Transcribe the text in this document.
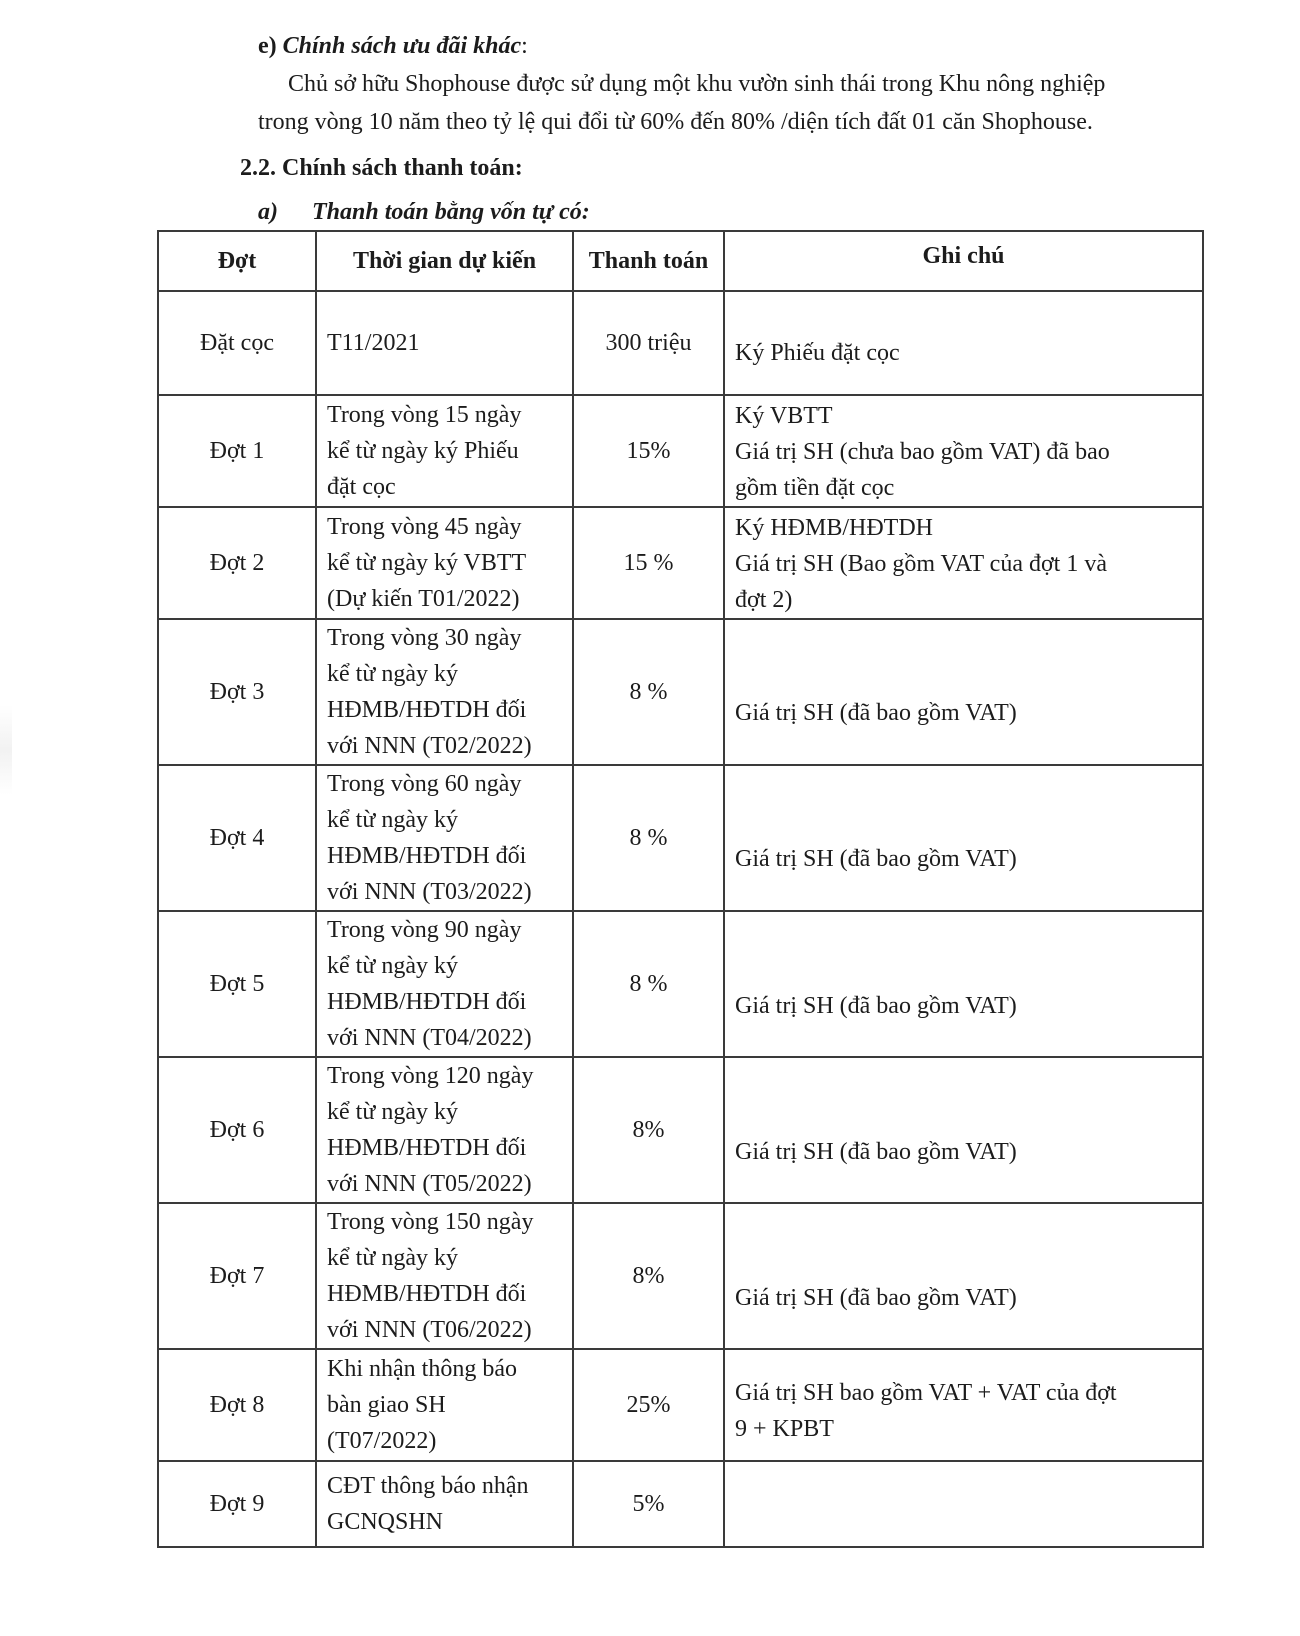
e) Chính sách ưu đãi khác:
Chủ sở hữu Shophouse được sử dụng một khu vườn sinh thái trong Khu nông nghiệp
trong vòng 10 năm theo tỷ lệ qui đổi từ 60% đến 80% /diện tích đất 01 căn Shophouse.
2.2. Chính sách thanh toán:
a) Thanh toán bằng vốn tự có:
Đợt	Thời gian dự kiến	Thanh toán	Ghi chú
Đặt cọc	T11/2021	300 triệu	Ký Phiếu đặt cọc
Đợt 1	Trong vòng 15 ngày
kể từ ngày ký Phiếu
đặt cọc	15%	Ký VBTT
Giá trị SH (chưa bao gồm VAT) đã bao
gồm tiền đặt cọc
Đợt 2	Trong vòng 45 ngày
kể từ ngày ký VBTT
(Dự kiến T01/2022)	15 %	Ký HĐMB/HĐTDH
Giá trị SH (Bao gồm VAT của đợt 1 và
đợt 2)
Đợt 3	Trong vòng 30 ngày
kể từ ngày ký
HĐMB/HĐTDH đối
với NNN (T02/2022)	8 %	Giá trị SH (đã bao gồm VAT)
Đợt 4	Trong vòng 60 ngày
kể từ ngày ký
HĐMB/HĐTDH đối
với NNN (T03/2022)	8 %	Giá trị SH (đã bao gồm VAT)
Đợt 5	Trong vòng 90 ngày
kể từ ngày ký
HĐMB/HĐTDH đối
với NNN (T04/2022)	8 %	Giá trị SH (đã bao gồm VAT)
Đợt 6	Trong vòng 120 ngày
kể từ ngày ký
HĐMB/HĐTDH đối
với NNN (T05/2022)	8%	Giá trị SH (đã bao gồm VAT)
Đợt 7	Trong vòng 150 ngày
kể từ ngày ký
HĐMB/HĐTDH đối
với NNN (T06/2022)	8%	Giá trị SH (đã bao gồm VAT)
Đợt 8	Khi nhận thông báo
bàn giao SH
(T07/2022)	25%	Giá trị SH bao gồm VAT + VAT của đợt
9 + KPBT
Đợt 9	CĐT thông báo nhận
GCNQSHN	5%	
